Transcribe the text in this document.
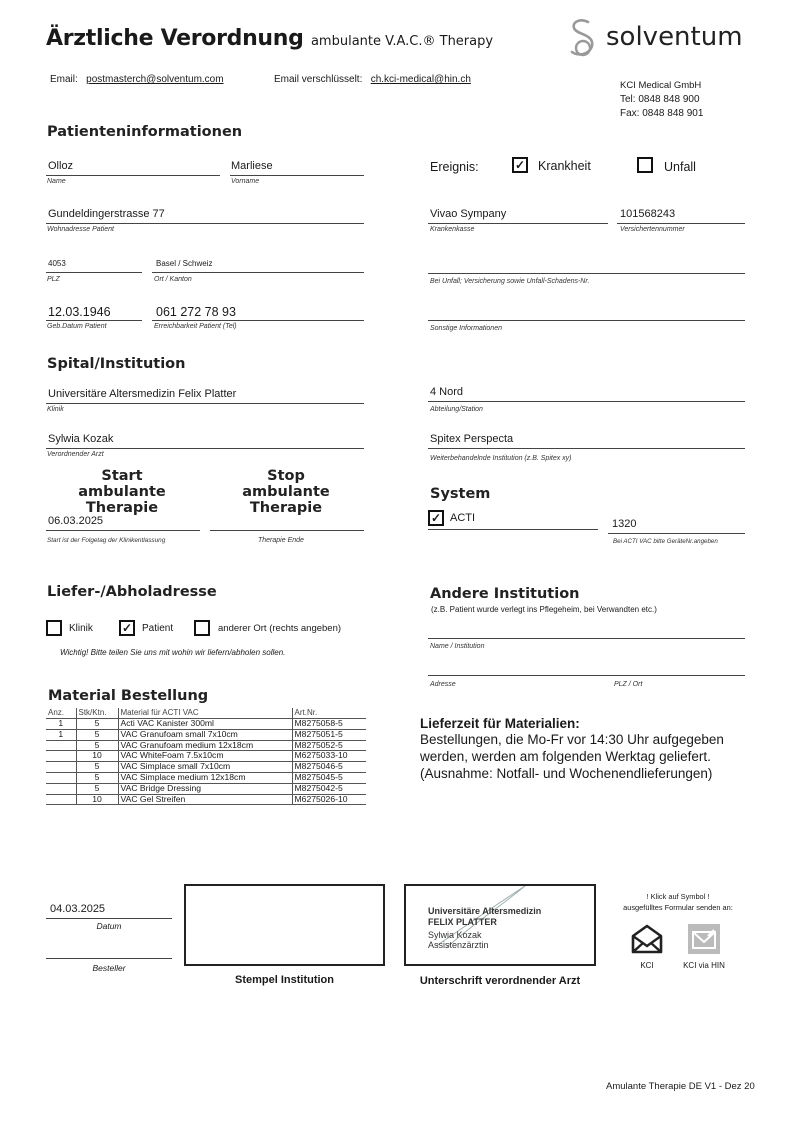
Ärztliche Verordnung ambulante V.A.C.® Therapy	solventum
Email: postmasterch@solventum.com	Email verschlüsselt: ch.kci-medical@hin.ch
KCI Medical GmbH
Tel: 0848 848 900
Fax: 0848 848 901
Patienteninformationen
Olloz
Name
Marliese
Vorname
Gundeldingerstrasse 77
Wohnadresse Patient
4053
PLZ
Basel / Schweiz
Ort / Kanton
12.03.1946
Geb.Datum Patient
061 272 78 93
Erreichbarkeit Patient (Tel)
Ereignis:	✓ Krankheit	Unfall
Vivao Sympany
Krankenkasse
101568243
Versichertennummer
Bei Unfall; Versicherung sowie Unfall-Schadens-Nr.
Sonstige Informationen
Spital/Institution
Universitäre Altersmedizin Felix Platter
Klinik
4 Nord
Abteilung/Station
Sylwia Kozak
Verordnender Arzt
Spitex Perspecta
Weiterbehandelnde Institution (z.B. Spitex xy)
Start
ambulante Therapie
Stop
ambulante Therapie
06.03.2025
Start ist der Folgetag der Klinikentlassung	Therapie Ende
System
✓ ACTI	1320
Bei ACTI VAC bitte GeräteNr.angeben
Liefer-/Abholadresse
Klinik ✓ Patient	anderer Ort (rechts angeben)
Wichtig! Bitte teilen Sie uns mit wohin wir liefern/abholen sollen.
Andere Institution
(z.B. Patient wurde verlegt ins Pflegeheim, bei Verwandten etc.)
Name / Institution
Adresse	PLZ / Ort
Material Bestellung
Anz.	Stk/Ktn.	Material für ACTI VAC	Art.Nr.
1	5	Acti VAC Kanister 300ml	M8275058-5
1	5	VAC Granufoam small 7x10cm	M8275051-5
	5	VAC Granufoam medium 12x18cm	M8275052-5
	10	VAC WhiteFoam 7.5x10cm	M6275033-10
	5	VAC Simplace small 7x10cm	M8275046-5
	5	VAC Simplace medium 12x18cm	M8275045-5
	5	VAC Bridge Dressing	M8275042-5
	10	VAC Gel Streifen	M6275026-10
Lieferzeit für Materialien:
Bestellungen, die Mo-Fr vor 14:30 Uhr aufgegeben
werden, werden am folgenden Werktag geliefert.
(Ausnahme: Notfall- und Wochenendlieferungen)
04.03.2025
Datum
Besteller
Stempel Institution
Universitäre Altersmedizin
FELIX PLATTER
Sylwia Kozak
Assistenzärztin
Unterschrift verordnender Arzt
! Klick auf Symbol !
ausgefülltes Formular senden an:
KCI	KCI via HIN
Amulante Therapie DE V1 - Dez 20
